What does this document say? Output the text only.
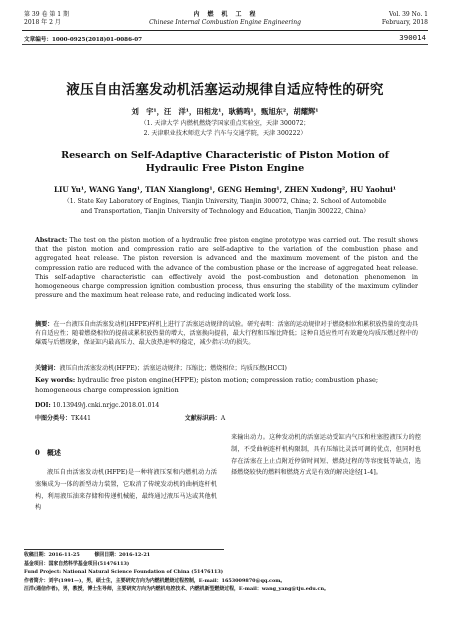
第 39 卷 第 1 期
2018 年 2 月
内　燃　机　工　程
Chinese Internal Combustion Engine Engineering
Vol. 39 No. 1
February, 2018
文章编号：1000-0925(2018)01-0086-07	390014
液压自由活塞发动机活塞运动规律自适应特性的研究
刘　宇¹，汪　洋¹，田相龙¹，耿鹤鸣¹，甄旭东²，胡耀辉¹
（1. 天津大学 内燃机燃烧学国家重点实验室，天津 300072；
2. 天津职业技术师范大学 汽车与交通学院，天津 300222）
Research on Self-Adaptive Characteristic of Piston Motion of
Hydraulic Free Piston Engine
LIU Yu¹, WANG Yang¹, TIAN Xianglong¹, GENG Heming¹, ZHEN Xudong², HU Yaohui¹
（1. State Key Laboratory of Engines, Tianjin University, Tianjin 300072, China; 2. School of Automobile
and Transportation, Tianjin University of Technology and Education, Tianjin 300222, China）
Abstract: The test on the piston motion of a hydraulic free piston engine prototype was carried out. The result shows that the piston motion and compression ratio are self-adaptive to the variation of the combustion phase and aggregated heat release. The piston reversion is advanced and the maximum movement of the piston and the compression ratio are reduced with the advance of the combustion phase or the increase of aggregated heat release. This self-adaptive characteristic can effectively avoid the post-combustion and detonation phenomenon in homogeneous charge compression ignition combustion process, thus ensuring the stability of the maximum cylinder pressure and the maximum heat release rate, and reducing indicated work loss.
摘要：在一台液压自由活塞发动机(HFPE)样机上进行了活塞运动规律的试验。研究表明：活塞的运动规律对于燃烧相位和累积放热量的变动具有自适应性；随着燃烧相位的提前或累积放热量的增大，活塞换向提前，最大行程和压缩比降低；这种自适应性可有效避免均质压燃过程中的爆震与后燃现象，保证缸内最高压力、最大放热速率的稳定，减少指示功的损失。
关键词：液压自由活塞发动机(HFPE)；活塞运动规律；压缩比；燃烧相位；均质压燃(HCCI)
Key words: hydraulic free piston engine(HFPE); piston motion; compression ratio; combustion phase; homogeneous charge compression ignition
DOI: 10.13949/j.cnki.nrjgc.2018.01.014
中图分类号：TK441	文献标识码：A
0　概述
液压自由活塞发动机(HFPE)是一种将液压泵和内燃机动力活塞集成为一体的新型动力装置，它取消了传统发动机的曲柄连杆机构，利用液压油来存储和传递机械能，最终通过液压马达或其他机构
来输出动力。这种发动机的活塞运动受缸内气压和柱塞腔液压力的控制，不受曲柄连杆机构限制，具有压缩比灵活可调的优点，但同时也存在活塞在上止点附近停留时间短、燃烧过程的等容度低等缺点，选择燃烧较快的燃料和燃烧方式是有效的解决途径[1-4]。
收稿日期：2016-11-25　　　修回日期：2016-12-21
基金项目：国家自然科学基金项目(51476113)
Fund Project: National Natural Science Foundation of China (51476113)
作者简介：刘宇(1991—)，男，硕士生，主要研究方向为内燃机燃烧过程控制，E-mail：1653009870@qq.com。
汪洋(通信作者)，男，教授，博士生导师，主要研究方向为内燃机电控技术、内燃机新型燃烧过程，E-mail：wang_yang@tju.edu.cn。
